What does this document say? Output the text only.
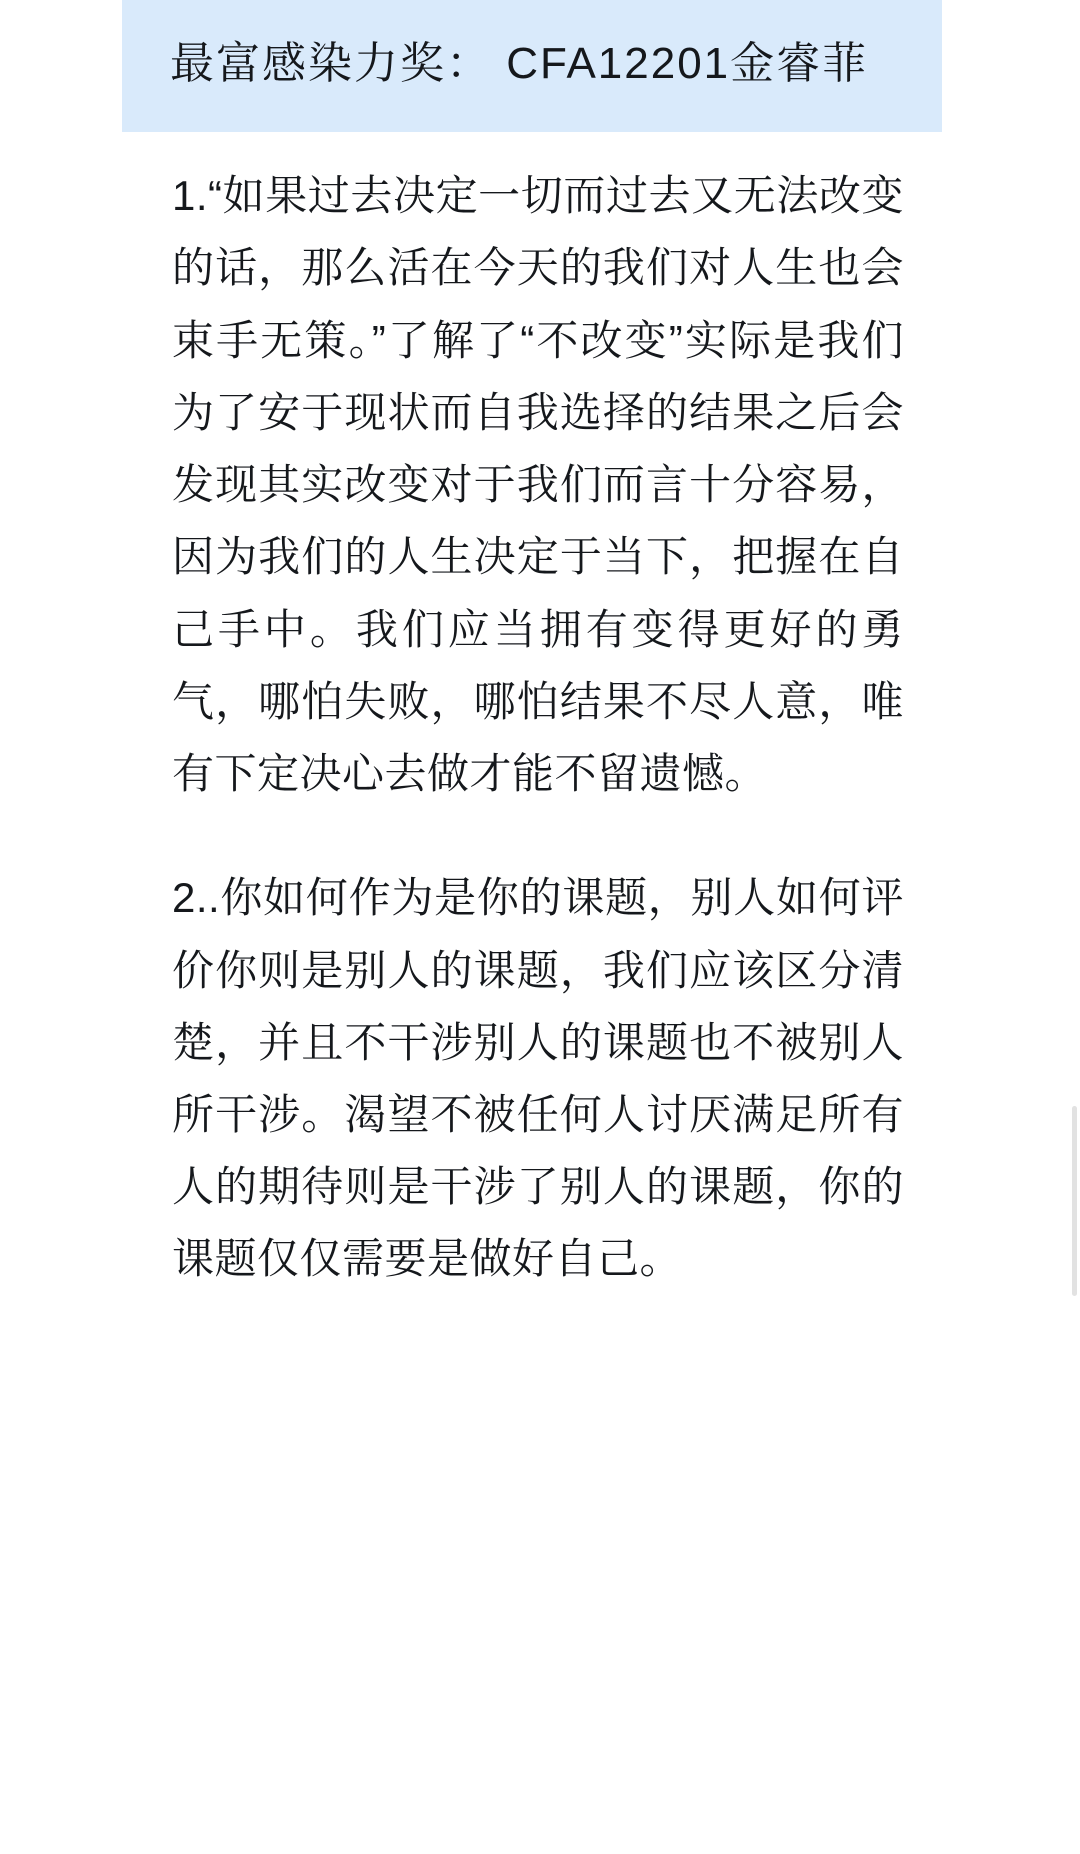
最富感染力奖： CFA12201金睿菲

1.“如果过去决定一切而过去又无法改变的话，那么活在今天的我们对人生也会束手无策。”了解了“不改变”实际是我们为了安于现状而自我选择的结果之后会发现其实改变对于我们而言十分容易，因为我们的人生决定于当下，把握在自己手中。我们应当拥有变得更好的勇气，哪怕失败，哪怕结果不尽人意，唯有下定决心去做才能不留遗憾。

2..你如何作为是你的课题，别人如何评价你则是别人的课题，我们应该区分清楚，并且不干涉别人的课题也不被别人所干涉。渴望不被任何人讨厌满足所有人的期待则是干涉了别人的课题，你的课题仅仅需要是做好自己。
